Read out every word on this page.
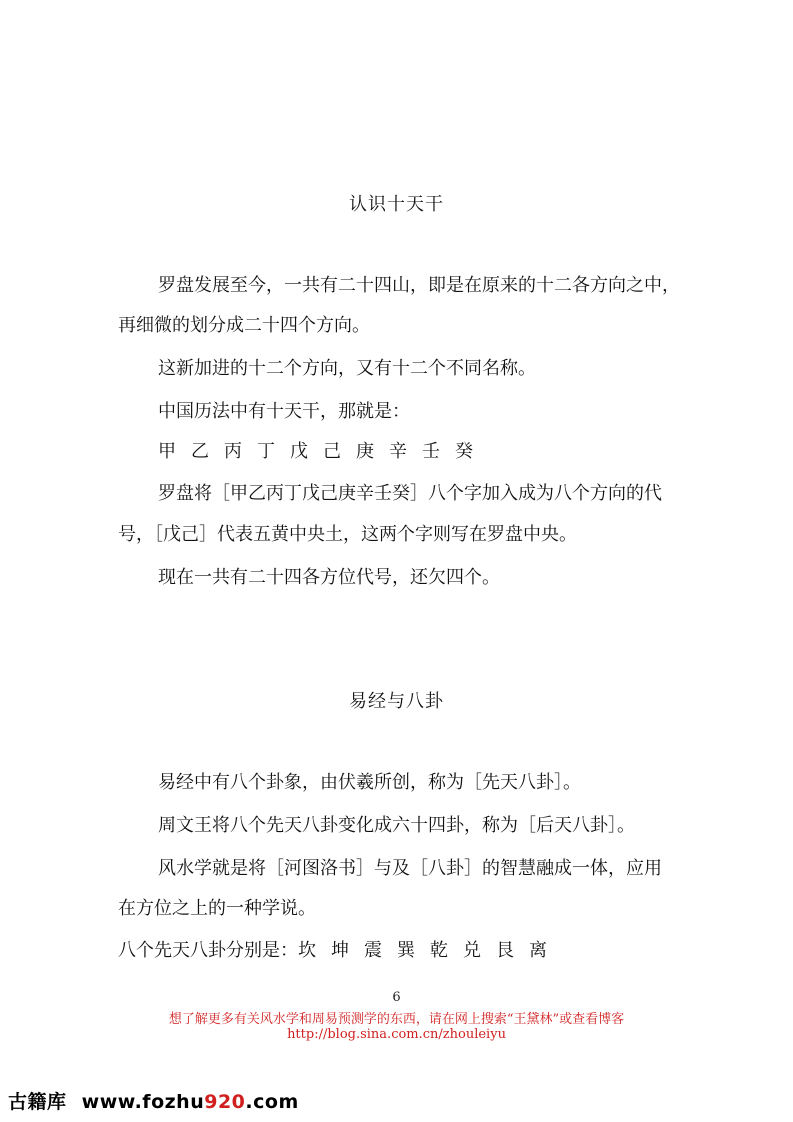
认识十天干
罗盘发展至今，一共有二十四山，即是在原来的十二各方向之中，
再细微的划分成二十四个方向。
这新加进的十二个方向，又有十二个不同名称。
中国历法中有十天干，那就是：
甲乙丙丁戊己庚辛壬癸
罗盘将［甲乙丙丁戊己庚辛壬癸］八个字加入成为八个方向的代
号，［戊己］代表五黄中央土，这两个字则写在罗盘中央。
现在一共有二十四各方位代号，还欠四个。
易经与八卦
易经中有八个卦象，由伏羲所创，称为［先天八卦］。
周文王将八个先天八卦变化成六十四卦，称为［后天八卦］。
风水学就是将［河图洛书］与及［八卦］的智慧融成一体，应用
在方位之上的一种学说。
八个先天八卦分别是：坎坤震巽乾兑艮离
6
想了解更多有关风水学和周易预测学的东西，请在网上搜索“王黛林”或查看博客
http://blog.sina.com.cn/zhouleiyu
古籍库 www.fozhu920.com
